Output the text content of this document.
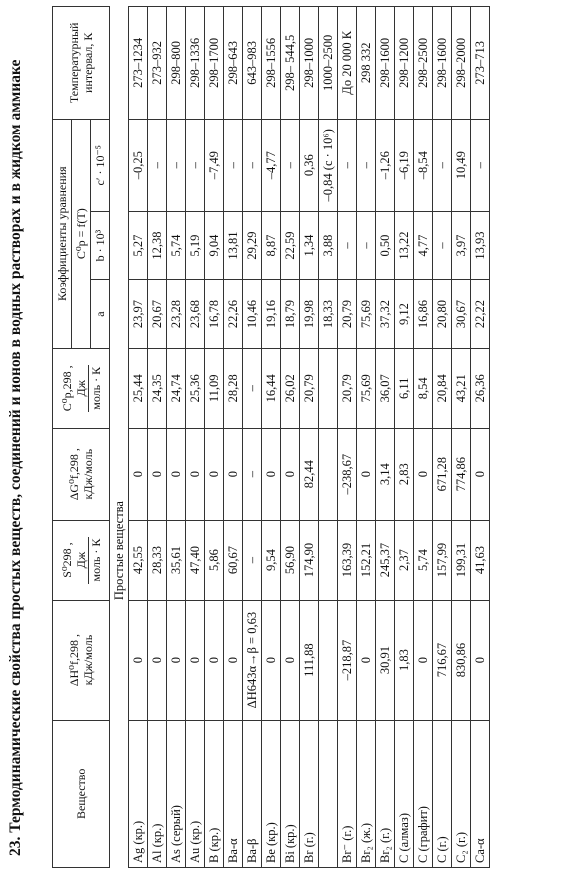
23. Термодинамические свойства простых веществ, соединений и ионов в водных растворах и в жидком аммиаке	Вещество	ΔH⁰f,298 ,
кДж/моль	S⁰298 , Дж моль · К	ΔG⁰f,298 ,
кДж/моль	C⁰p,298 , Дж моль · К	Коэффициенты уравнения			Температурный интервал, К
					C⁰p = f(T)			
					a	b · 10³	c′ · 10⁻⁵	
	Простые вещества							
Ag (кр.)	0	42,55	0	25,44	23,97	5,27	–0,25	273–1234
Al (кр.)	0	28,33	0	24,35	20,67	12,38	–	273–932
As (серый)	0	35,61	0	24,74	23,28	5,74	–	298–800
Au (кр.)	0	47,40	0	25,36	23,68	5,19	–	298–1336
B (кр.)	0	5,86	0	11,09	16,78	9,04	–7,49	298–1700
Ba-α	0	60,67	0	28,28	22,26	13,81	–	298–643
Ba-β	ΔH643α→β = 0,63	–	–	–	10,46	29,29	–	643–983
Be (кр.)	0	9,54	0	16,44	19,16	8,87	–4,77	298–1556
Bi (кр.)	0	56,90	0	26,02	18,79	22,59	–	298– 544,5
Br (г.)	111,88	174,90	82,44	20,79	19,98	1,34	0,36	298–1000
					18,33	3,88	–0,84 (c · 10⁶)	1000–2500
Br⁻ (г.)	–218,87	163,39	–238,67	20,79	20,79	–	–	До 20 000 К
Br₂ (ж.)	0	152,21	0	75,69	75,69	–	–	298 332
Br₂ (г.)	30,91	245,37	3,14	36,07	37,32	0,50	–1,26	298–1600
C (алмаз)	1,83	2,37	2,83	6,11	9,12	13,22	–6,19	298–1200
C (графит)	0	5,74	0	8,54	16,86	4,77	–8,54	298–2500
C (г.)	716,67	157,99	671,28	20,84	20,80	–	–	298–1600
C₂ (г.)	830,86	199,31	774,86	43,21	30,67	3,97	10,49	298–2000
Ca-α	0	41,63	0	26,36	22,22	13,93	–	273–713
